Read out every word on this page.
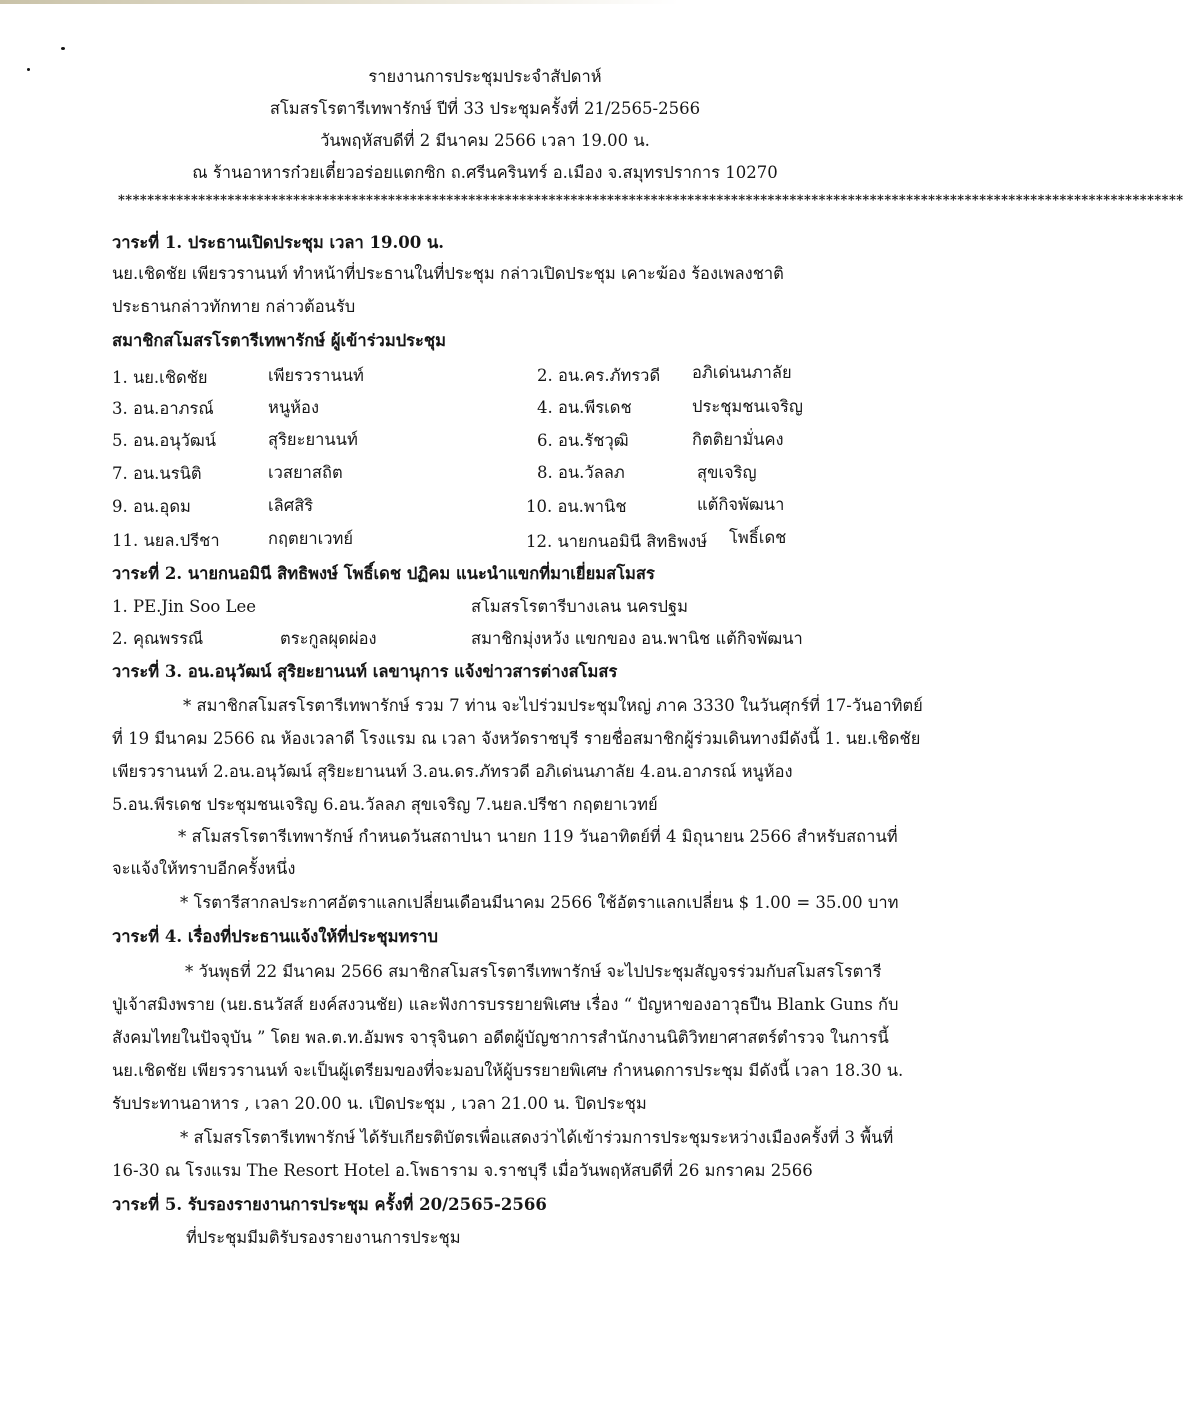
รายงานการประชุมประจำสัปดาห์
สโมสรโรตารีเทพารักษ์ ปีที่ 33 ประชุมครั้งที่ 21/2565-2566
วันพฤหัสบดีที่ 2 มีนาคม 2566 เวลา 19.00 น.
ณ ร้านอาหารก๋วยเตี๋ยวอร่อยแตกซิก ถ.ศรีนครินทร์ อ.เมือง จ.สมุทรปราการ 10270
**************************************************************************************************************************************************
วาระที่ 1. ประธานเปิดประชุม เวลา 19.00 น.
นย.เชิดชัย เพียรวรานนท์ ทำหน้าที่ประธานในที่ประชุม กล่าวเปิดประชุม เคาะฆ้อง ร้องเพลงชาติ
ประธานกล่าวทักทาย กล่าวต้อนรับ
สมาชิกสโมสรโรตารีเทพารักษ์ ผู้เข้าร่วมประชุม
1. นย.เชิดชัย	เพียรวรานนท์	2. อน.คร.ภัทรวดี อภิเด่นนภาลัย
3. อน.อาภรณ์	หนูห้อง	4. อน.พีรเดช	ประชุมชนเจริญ
5. อน.อนุวัฒน์	สุริยะยานนท์	6. อน.รัชวุฒิ	กิตติยามั่นคง
7. อน.นรนิติ	เวสยาสถิต	8. อน.วัลลภ	สุขเจริญ
9. อน.อุดม	เลิศสิริ	10. อน.พานิช	แต้กิจพัฒนา
11. นยล.ปรีชา	กฤตยาเวทย์	12. นายกนอมินี สิทธิพงษ์ โพธิ์เดช
วาระที่ 2. นายกนอมินี สิทธิพงษ์ โพธิ์เดช ปฏิคม แนะนำแขกที่มาเยี่ยมสโมสร
1. PE.Jin Soo Lee	สโมสรโรตารีบางเลน นครปฐม
2. คุณพรรณี	ตระกูลผุดผ่อง	สมาชิกมุ่งหวัง แขกของ อน.พานิช แต้กิจพัฒนา
วาระที่ 3. อน.อนุวัฒน์ สุริยะยานนท์ เลขานุการ แจ้งข่าวสารต่างสโมสร
* สมาชิกสโมสรโรตารีเทพารักษ์ รวม 7 ท่าน จะไปร่วมประชุมใหญ่ ภาค 3330 ในวันศุกร์ที่ 17-วันอาทิตย์
ที่ 19 มีนาคม 2566 ณ ห้องเวลาดี โรงแรม ณ เวลา จังหวัดราชบุรี รายชื่อสมาชิกผู้ร่วมเดินทางมีดังนี้ 1. นย.เชิดชัย
เพียรวรานนท์ 2.อน.อนุวัฒน์ สุริยะยานนท์ 3.อน.ดร.ภัทรวดี อภิเด่นนภาลัย 4.อน.อาภรณ์ หนูห้อง
5.อน.พีรเดช ประชุมชนเจริญ 6.อน.วัลลภ สุขเจริญ 7.นยล.ปรีชา กฤตยาเวทย์
* สโมสรโรตารีเทพารักษ์ กำหนดวันสถาปนา นายก 119 วันอาทิตย์ที่ 4 มิถุนายน 2566 สำหรับสถานที่
จะแจ้งให้ทราบอีกครั้งหนึ่ง
* โรตารีสากลประกาศอัตราแลกเปลี่ยนเดือนมีนาคม 2566 ใช้อัตราแลกเปลี่ยน $ 1.00 = 35.00 บาท
วาระที่ 4. เรื่องที่ประธานแจ้งให้ที่ประชุมทราบ
* วันพุธที่ 22 มีนาคม 2566 สมาชิกสโมสรโรตารีเทพารักษ์ จะไปประชุมสัญจรร่วมกับสโมสรโรตารี
ปู่เจ้าสมิงพราย (นย.ธนวัสส์ ยงค์สงวนชัย) และฟังการบรรยายพิเศษ เรื่อง “ ปัญหาของอาวุธปืน Blank Guns กับ
สังคมไทยในปัจจุบัน ” โดย พล.ต.ท.อัมพร จารุจินดา อดีตผู้บัญชาการสำนักงานนิติวิทยาศาสตร์ตำรวจ ในการนี้
นย.เชิดชัย เพียรวรานนท์ จะเป็นผู้เตรียมของที่จะมอบให้ผู้บรรยายพิเศษ กำหนดการประชุม มีดังนี้ เวลา 18.30 น.
รับประทานอาหาร , เวลา 20.00 น. เปิดประชุม , เวลา 21.00 น. ปิดประชุม
* สโมสรโรตารีเทพารักษ์ ได้รับเกียรติบัตรเพื่อแสดงว่าได้เข้าร่วมการประชุมระหว่างเมืองครั้งที่ 3 พื้นที่
16-30 ณ โรงแรม The Resort Hotel อ.โพธาราม จ.ราชบุรี เมื่อวันพฤหัสบดีที่ 26 มกราคม 2566
วาระที่ 5. รับรองรายงานการประชุม ครั้งที่ 20/2565-2566
ที่ประชุมมีมติรับรองรายงานการประชุม
